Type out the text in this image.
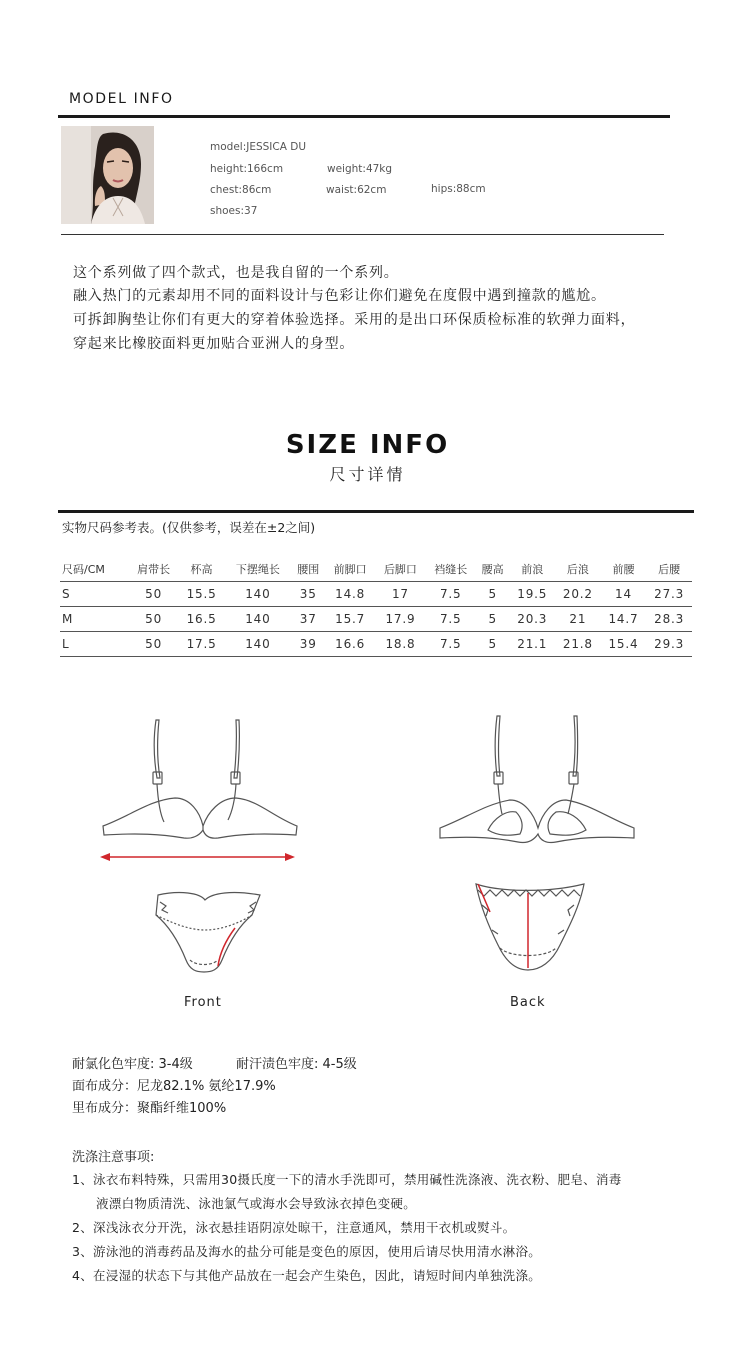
MODEL INFO
model:JESSICA DU
height:166cm	weight:47kg
chest:86cm	waist:62cm	hips:88cm
shoes:37
这个系列做了四个款式，也是我自留的一个系列。
融入热门的元素却用不同的面料设计与色彩让你们避免在度假中遇到撞款的尴尬。
可拆卸胸垫让你们有更大的穿着体验选择。采用的是出口环保质检标准的软弹力面料，
穿起来比橡胶面料更加贴合亚洲人的身型。
SIZE INFO
尺寸详情
实物尺码参考表。(仅供参考，误差在±2之间)
尺码/CM	肩带长	杯高	下摆绳长	腰围	前脚口	后脚口	裆缝长	腰高	前浪	后浪	前腰	后腰
S	50	15.5	140	35	14.8	17	7.5	5	19.5	20.2	14	27.3
M	50	16.5	140	37	15.7	17.9	7.5	5	20.3	21	14.7	28.3
L	50	17.5	140	39	16.6	18.8	7.5	5	21.1	21.8	15.4	29.3
Front	Back
耐氯化色牢度: 3-4级	耐汗渍色牢度: 4-5级
面布成分：尼龙82.1% 氨纶17.9%
里布成分：聚酯纤维100%
洗涤注意事项:
1、泳衣布料特殊，只需用30摄氏度一下的清水手洗即可，禁用碱性洗涤液、洗衣粉、肥皂、消毒
液漂白物质清洗、泳池氯气或海水会导致泳衣掉色变硬。
2、深浅泳衣分开洗，泳衣悬挂语阴凉处晾干，注意通风，禁用干衣机或熨斗。
3、游泳池的消毒药品及海水的盐分可能是变色的原因，使用后请尽快用清水淋浴。
4、在浸湿的状态下与其他产品放在一起会产生染色，因此，请短时间内单独洗涤。
